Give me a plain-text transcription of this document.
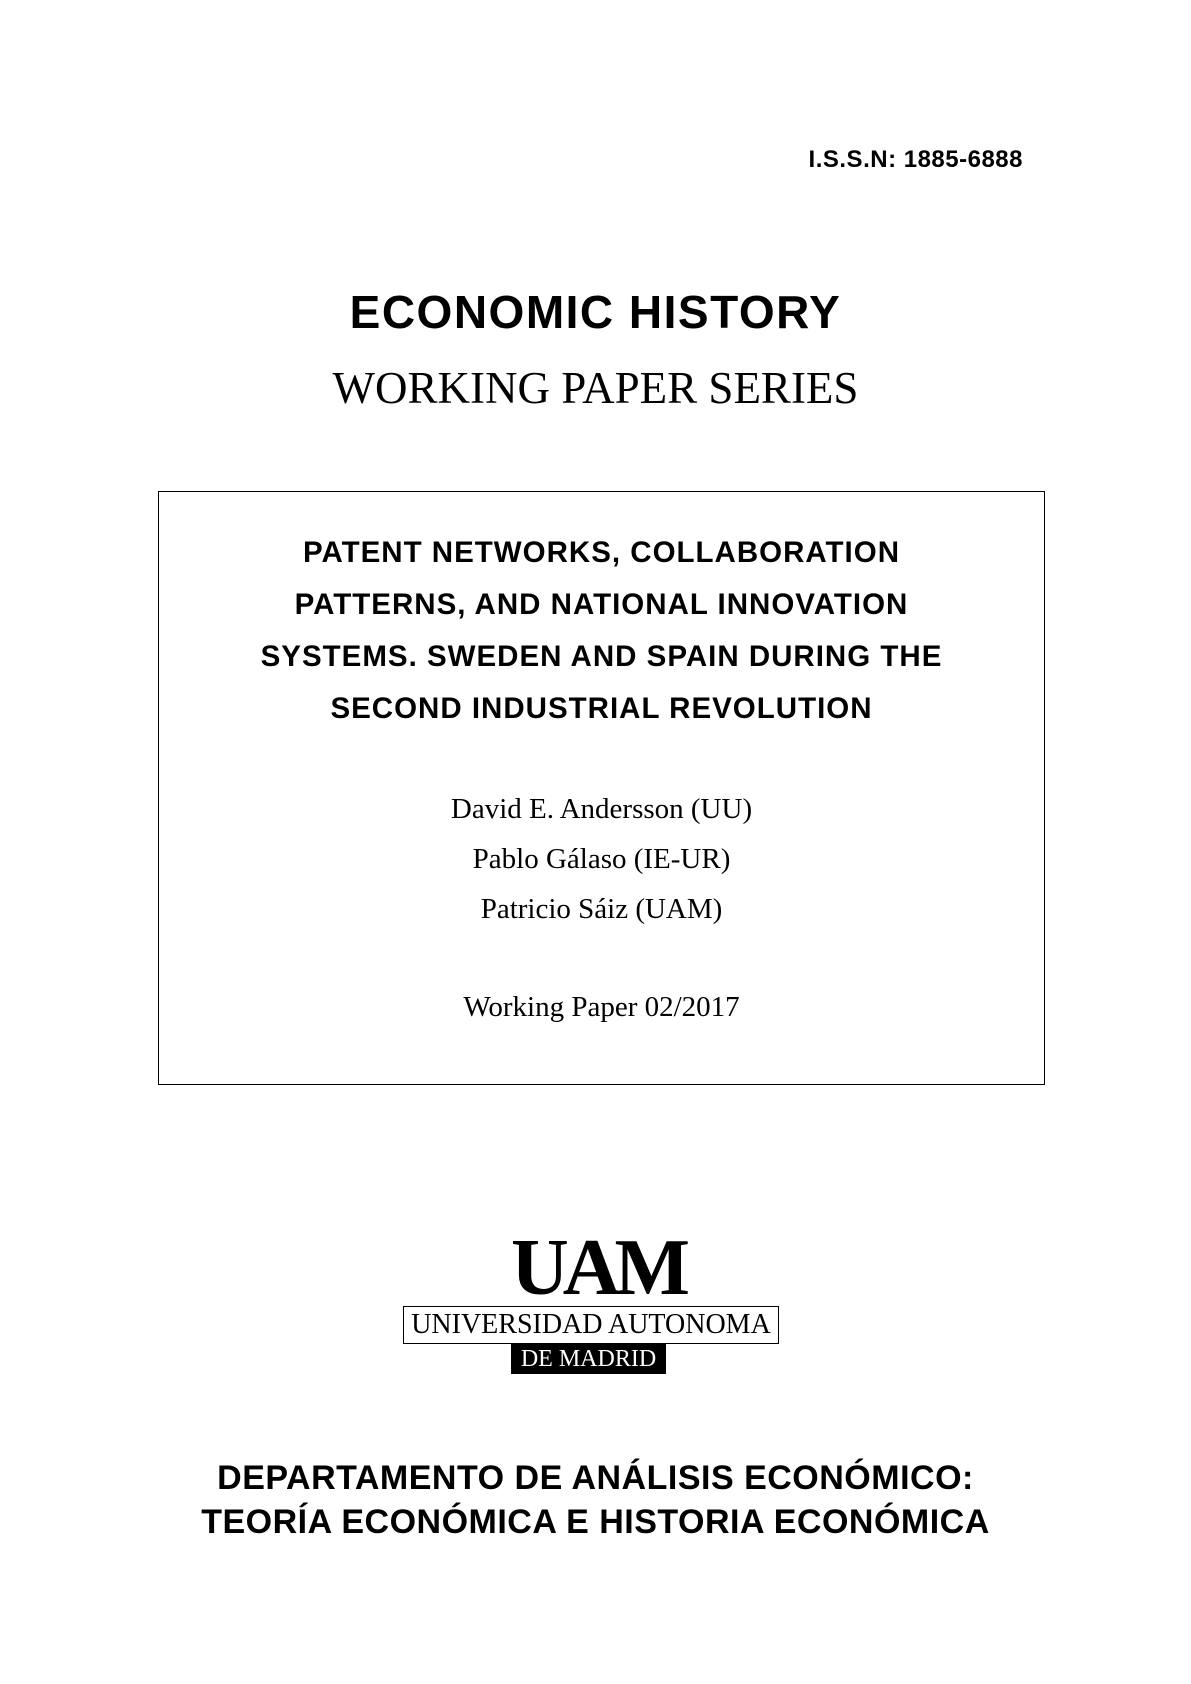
I.S.S.N: 1885-6888
ECONOMIC HISTORY
WORKING PAPER SERIES
PATENT NETWORKS, COLLABORATION
PATTERNS, AND NATIONAL INNOVATION
SYSTEMS. SWEDEN AND SPAIN DURING THE
SECOND INDUSTRIAL REVOLUTION
David E. Andersson (UU)
Pablo Gálaso (IE-UR)
Patricio Sáiz (UAM)
Working Paper 02/2017
UAM
UNIVERSIDAD AUTONOMA
DE MADRID
DEPARTAMENTO DE ANÁLISIS ECONÓMICO:
TEORÍA ECONÓMICA E HISTORIA ECONÓMICA
